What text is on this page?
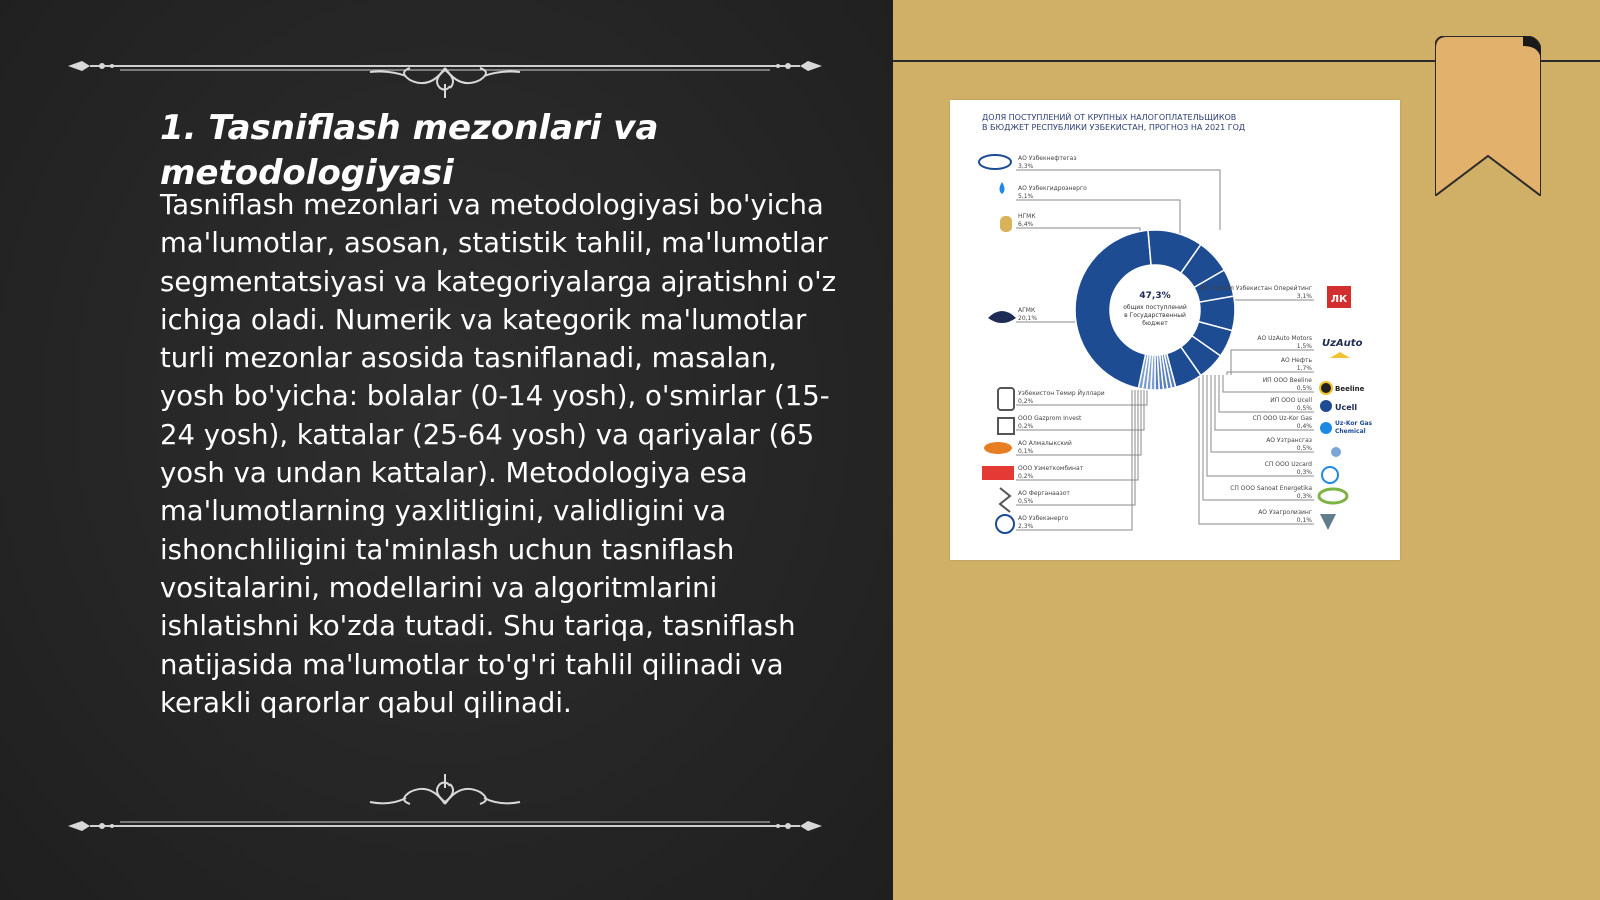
1. Tasniflash mezonlari va metodologiyasi

Tasniflash mezonlari va metodologiyasi bo'yicha ma'lumotlar, asosan, statistik tahlil, ma'lumotlar segmentatsiyasi va kategoriyalarga ajratishni o'z ichiga oladi. Numerik va kategorik ma'lumotlar turli mezonlar asosida tasniflanadi, masalan, yosh bo'yicha: bolalar (0-14 yosh), o'smirlar (15-24 yosh), kattalar (25-64 yosh) va qariyalar (65 yosh va undan kattalar). Metodologiya esa ma'lumotlarning yaxlitligini, validligini va ishonchliligini ta'minlash uchun tasniflash vositalarini, modellarini va algoritmlarini ishlatishni ko'zda tutadi. Shu tariqa, tasniflash natijasida ma'lumotlar to'g'ri tahlil qilinadi va kerakli qarorlar qabul qilinadi.

ДОЛЯ ПОСТУПЛЕНИЙ ОТ КРУПНЫХ НАЛОГОПЛАТЕЛЬЩИКОВ
В БЮДЖЕТ РЕСПУБЛИКИ УЗБЕКИСТАН, ПРОГНОЗ НА 2021 ГОД
47,3%
общих поступлений
в Государственный
бюджет
АО Узбекнефтегаз
3,3%
АО Узбекгидроэнерго
5,1%
НГМК
6,4%
АГМК
20,1%
Узбекистон Темир Йуллари
0,2%
ООО Gazprom Invest
0,2%
АО Алмалыкский
0,1%
ООО Узметкомбинат
0,2%
АО Ферганаазот
0,5%
АО Узбекэнерго
2,3%
ИП Лукойл Узбекистан Оперейтинг
3,1%
АО UzAuto Motors
1,5%
АО Нефть
1,7%
ИП ООО Beeline
0,5%
ИП ООО Ucell
0,5%
СП ООО Uz-Kor Gas
0,4%
АО Узтрансгаз
0,5%
СП ООО Uzcard
0,3%
СП ООО Sanoat Energetika
0,3%
АО Узагролизинг
0,1%
ЛК
UzAuto
Beeline
Ucell
Uz-Kor Gas
Chemical
